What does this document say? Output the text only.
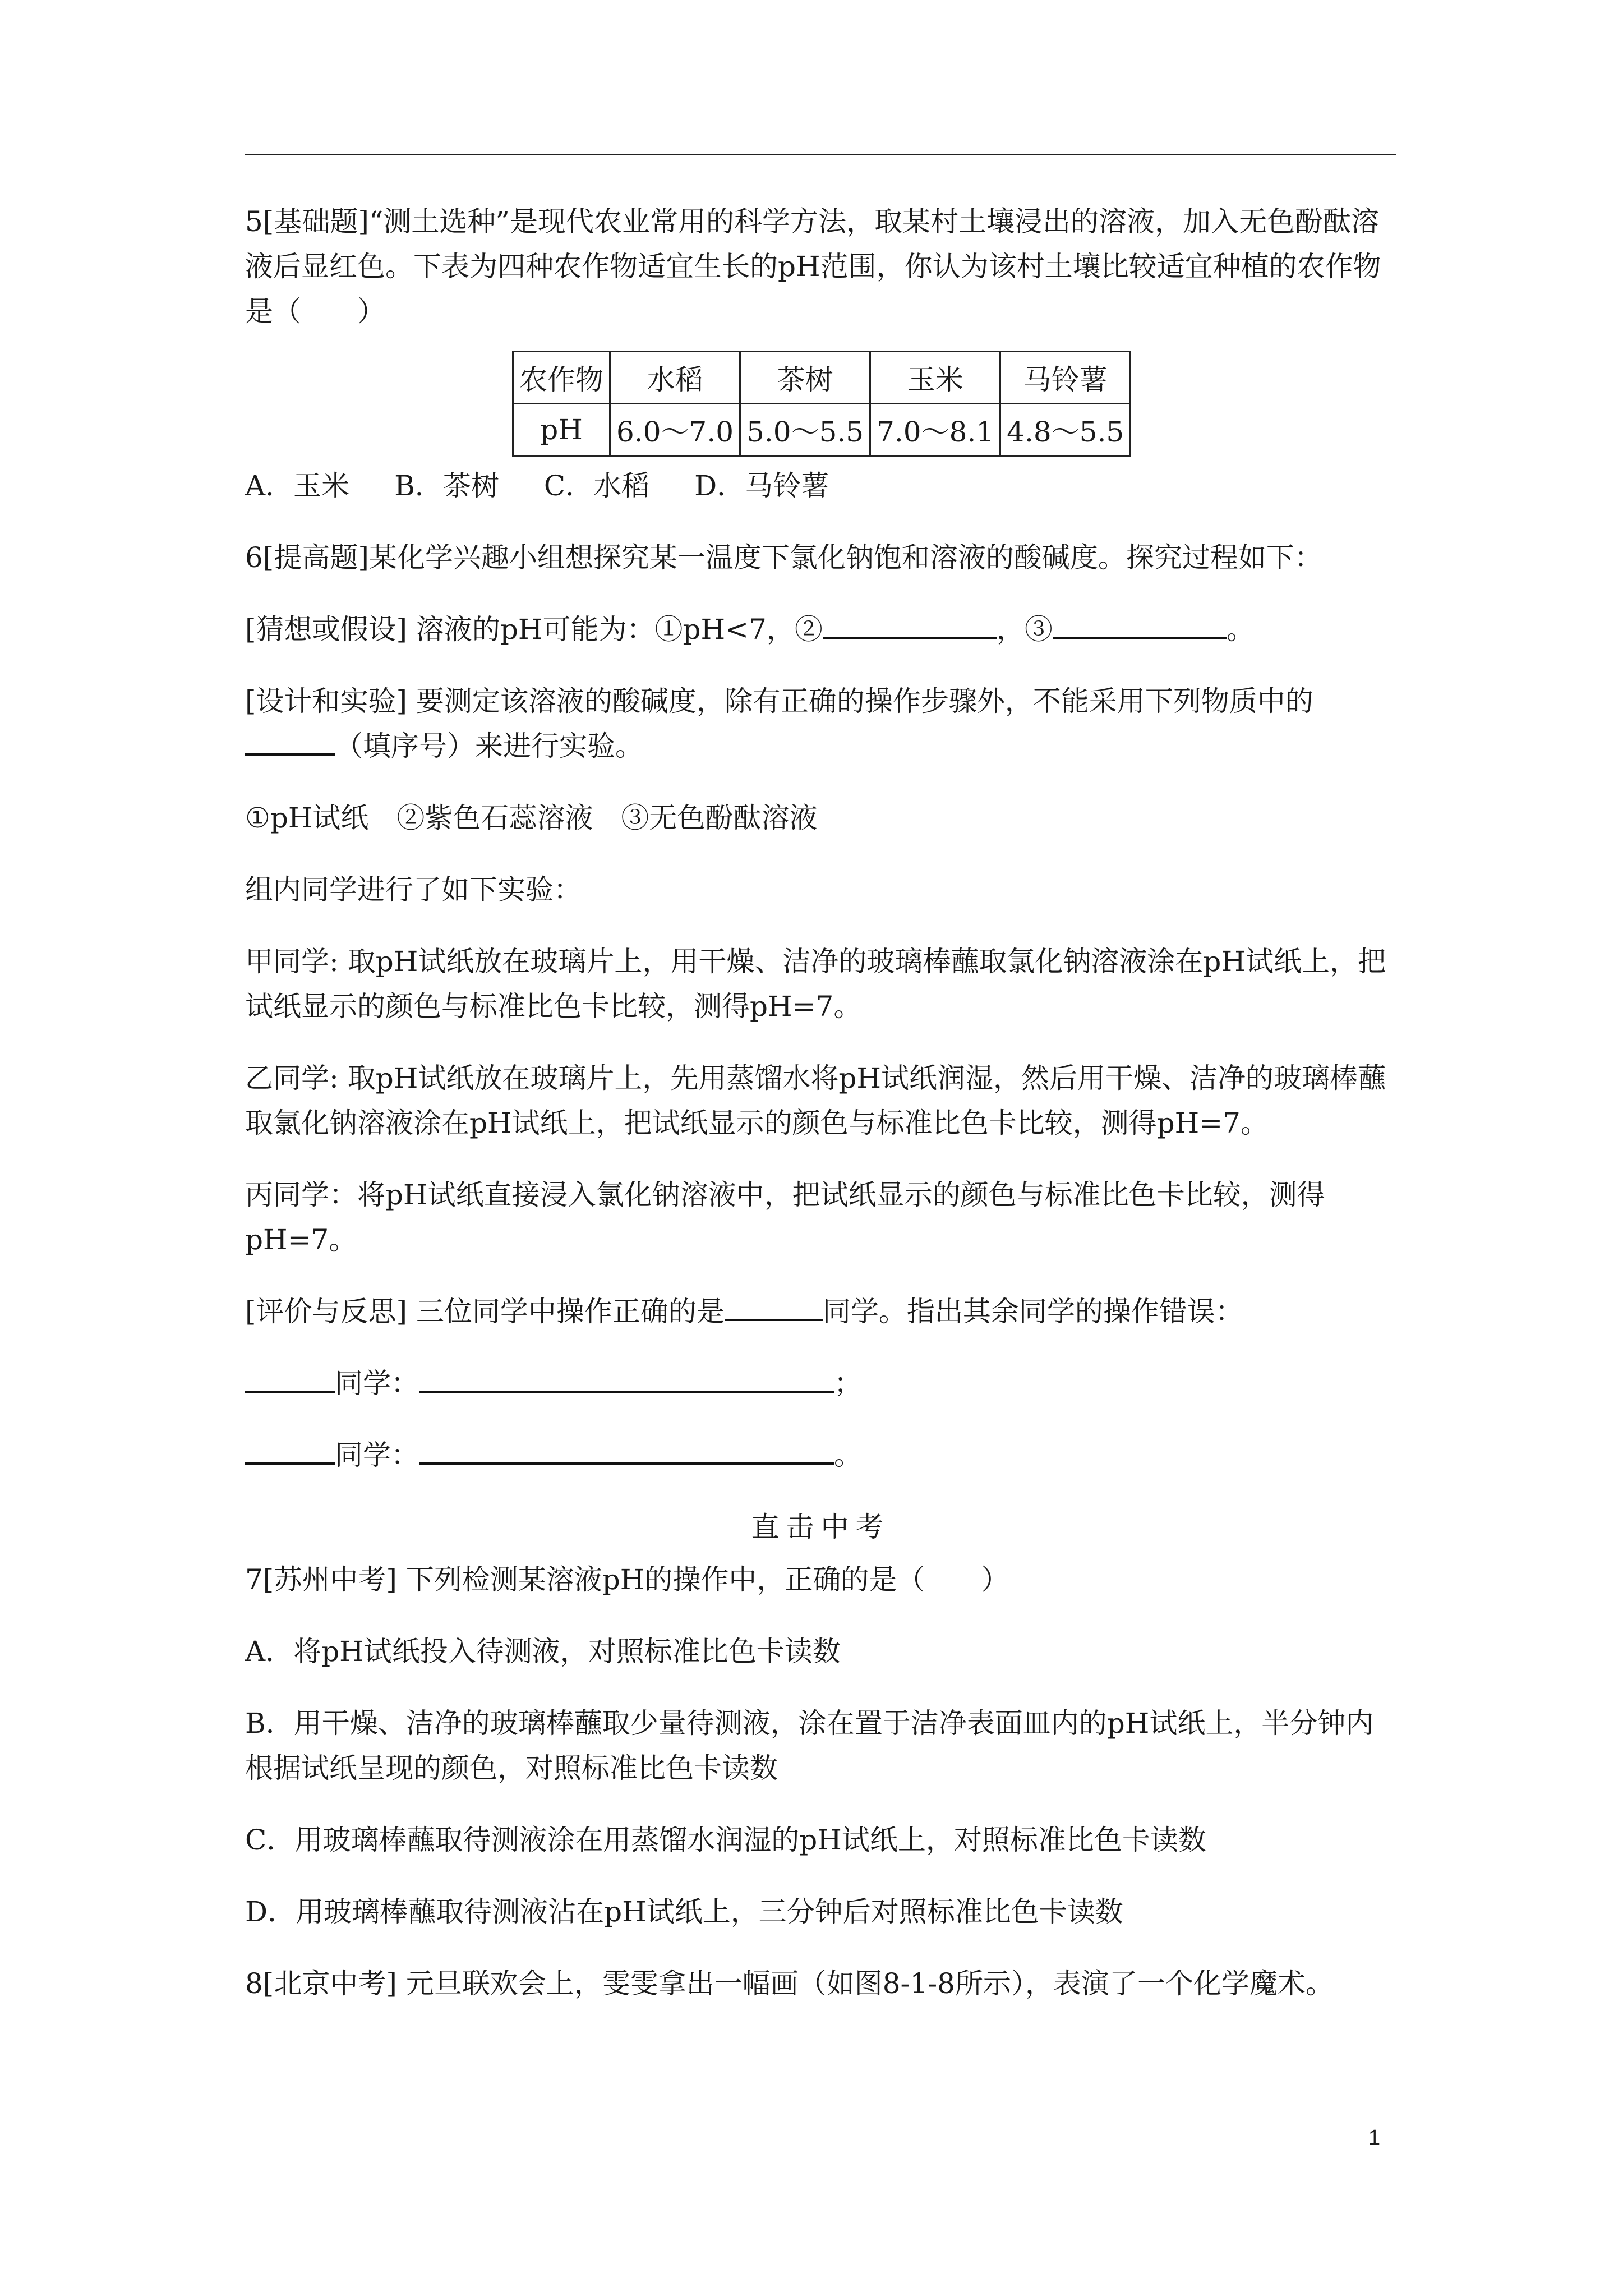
5[基础题]“测土选种”是现代农业常用的科学方法，取某村土壤浸出的溶液，加入无色酚酞溶液后显红色。下表为四种农作物适宜生长的pH范围，你认为该村土壤比较适宜种植的农作物是（　　）

农作物	水稻	茶树	玉米	马铃薯
pH	6.0～7.0	5.0～5.5	7.0～8.1	4.8～5.5
A．玉米 B．茶树 C．水稻 D．马铃薯

6[提高题]某化学兴趣小组想探究某一温度下氯化钠饱和溶液的酸碱度。探究过程如下：

[猜想或假设] 溶液的pH可能为：①pH<7，②	，③	。

[设计和实验] 要测定该溶液的酸碱度，除有正确的操作步骤外，不能采用下列物质中的
（填序号）来进行实验。

①pH试纸　②紫色石蕊溶液　③无色酚酞溶液

组内同学进行了如下实验：

甲同学: 取pH试纸放在玻璃片上，用干燥、洁净的玻璃棒蘸取氯化钠溶液涂在pH试纸上，把试纸显示的颜色与标准比色卡比较，测得pH=7。

乙同学: 取pH试纸放在玻璃片上，先用蒸馏水将pH试纸润湿，然后用干燥、洁净的玻璃棒蘸取氯化钠溶液涂在pH试纸上，把试纸显示的颜色与标准比色卡比较，测得pH=7。

丙同学：将pH试纸直接浸入氯化钠溶液中，把试纸显示的颜色与标准比色卡比较，测得pH=7。

[评价与反思] 三位同学中操作正确的是	同学。指出其余同学的操作错误：

同学：	；

同学：	。

直击中考

7[苏州中考] 下列检测某溶液pH的操作中，正确的是（　　）

A．将pH试纸投入待测液，对照标准比色卡读数

B．用干燥、洁净的玻璃棒蘸取少量待测液，涂在置于洁净表面皿内的pH试纸上，半分钟内根据试纸呈现的颜色，对照标准比色卡读数

C．用玻璃棒蘸取待测液涂在用蒸馏水润湿的pH试纸上，对照标准比色卡读数

D．用玻璃棒蘸取待测液沾在pH试纸上，三分钟后对照标准比色卡读数

8[北京中考] 元旦联欢会上，雯雯拿出一幅画（如图8-1-8所示），表演了一个化学魔术。

1
